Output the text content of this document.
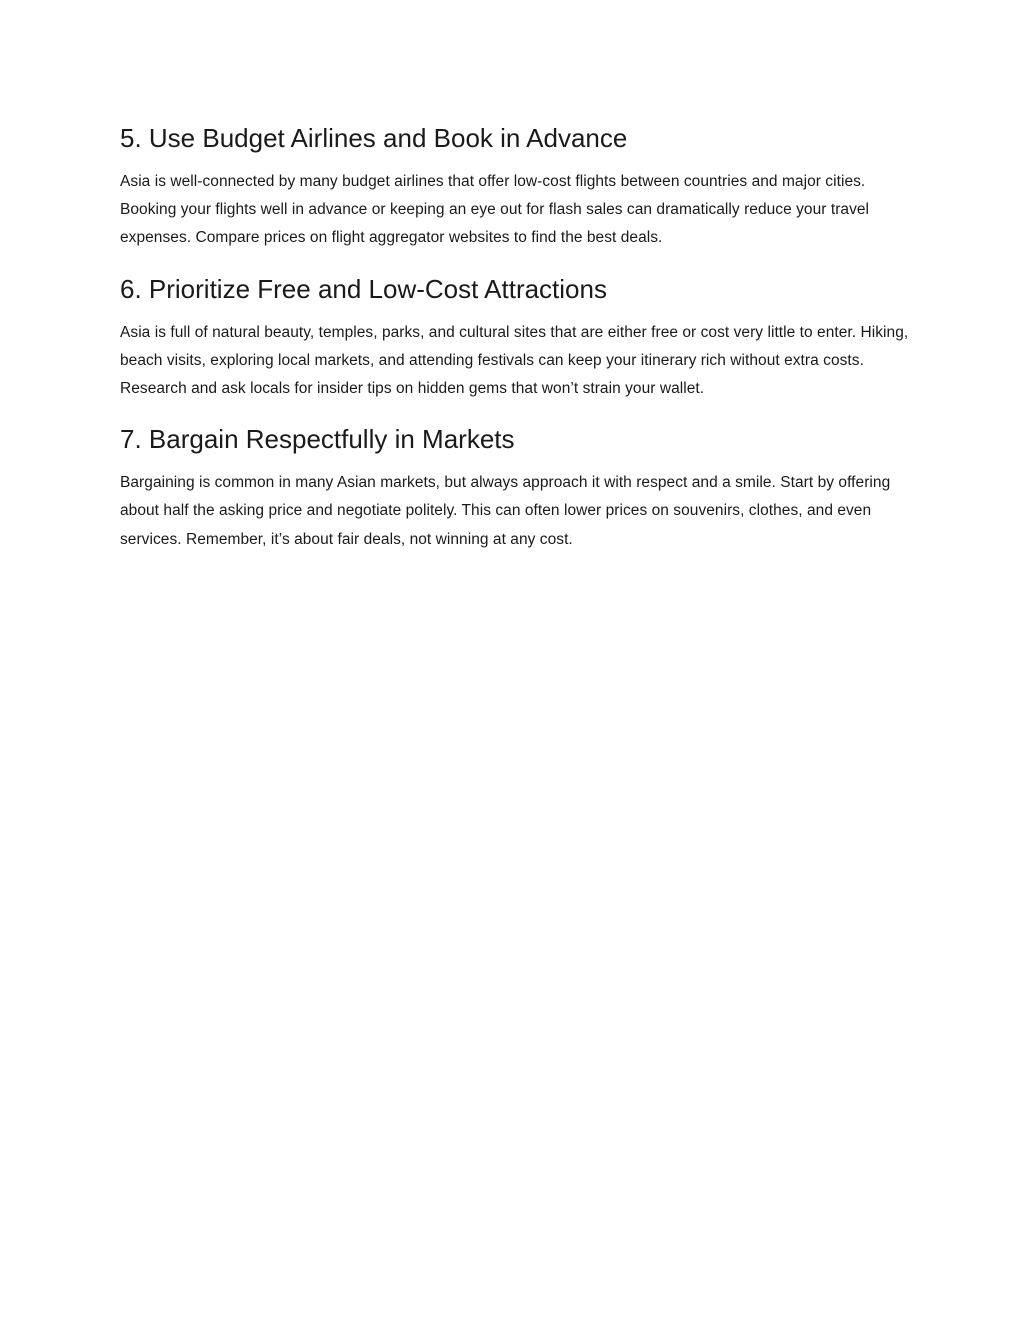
5. Use Budget Airlines and Book in Advance

Asia is well-connected by many budget airlines that offer low-cost flights between countries and major cities. Booking your flights well in advance or keeping an eye out for flash sales can dramatically reduce your travel expenses. Compare prices on flight aggregator websites to find the best deals.

6. Prioritize Free and Low-Cost Attractions

Asia is full of natural beauty, temples, parks, and cultural sites that are either free or cost very little to enter. Hiking, beach visits, exploring local markets, and attending festivals can keep your itinerary rich without extra costs. Research and ask locals for insider tips on hidden gems that won’t strain your wallet.

7. Bargain Respectfully in Markets

Bargaining is common in many Asian markets, but always approach it with respect and a smile. Start by offering about half the asking price and negotiate politely. This can often lower prices on souvenirs, clothes, and even services. Remember, it’s about fair deals, not winning at any cost.
